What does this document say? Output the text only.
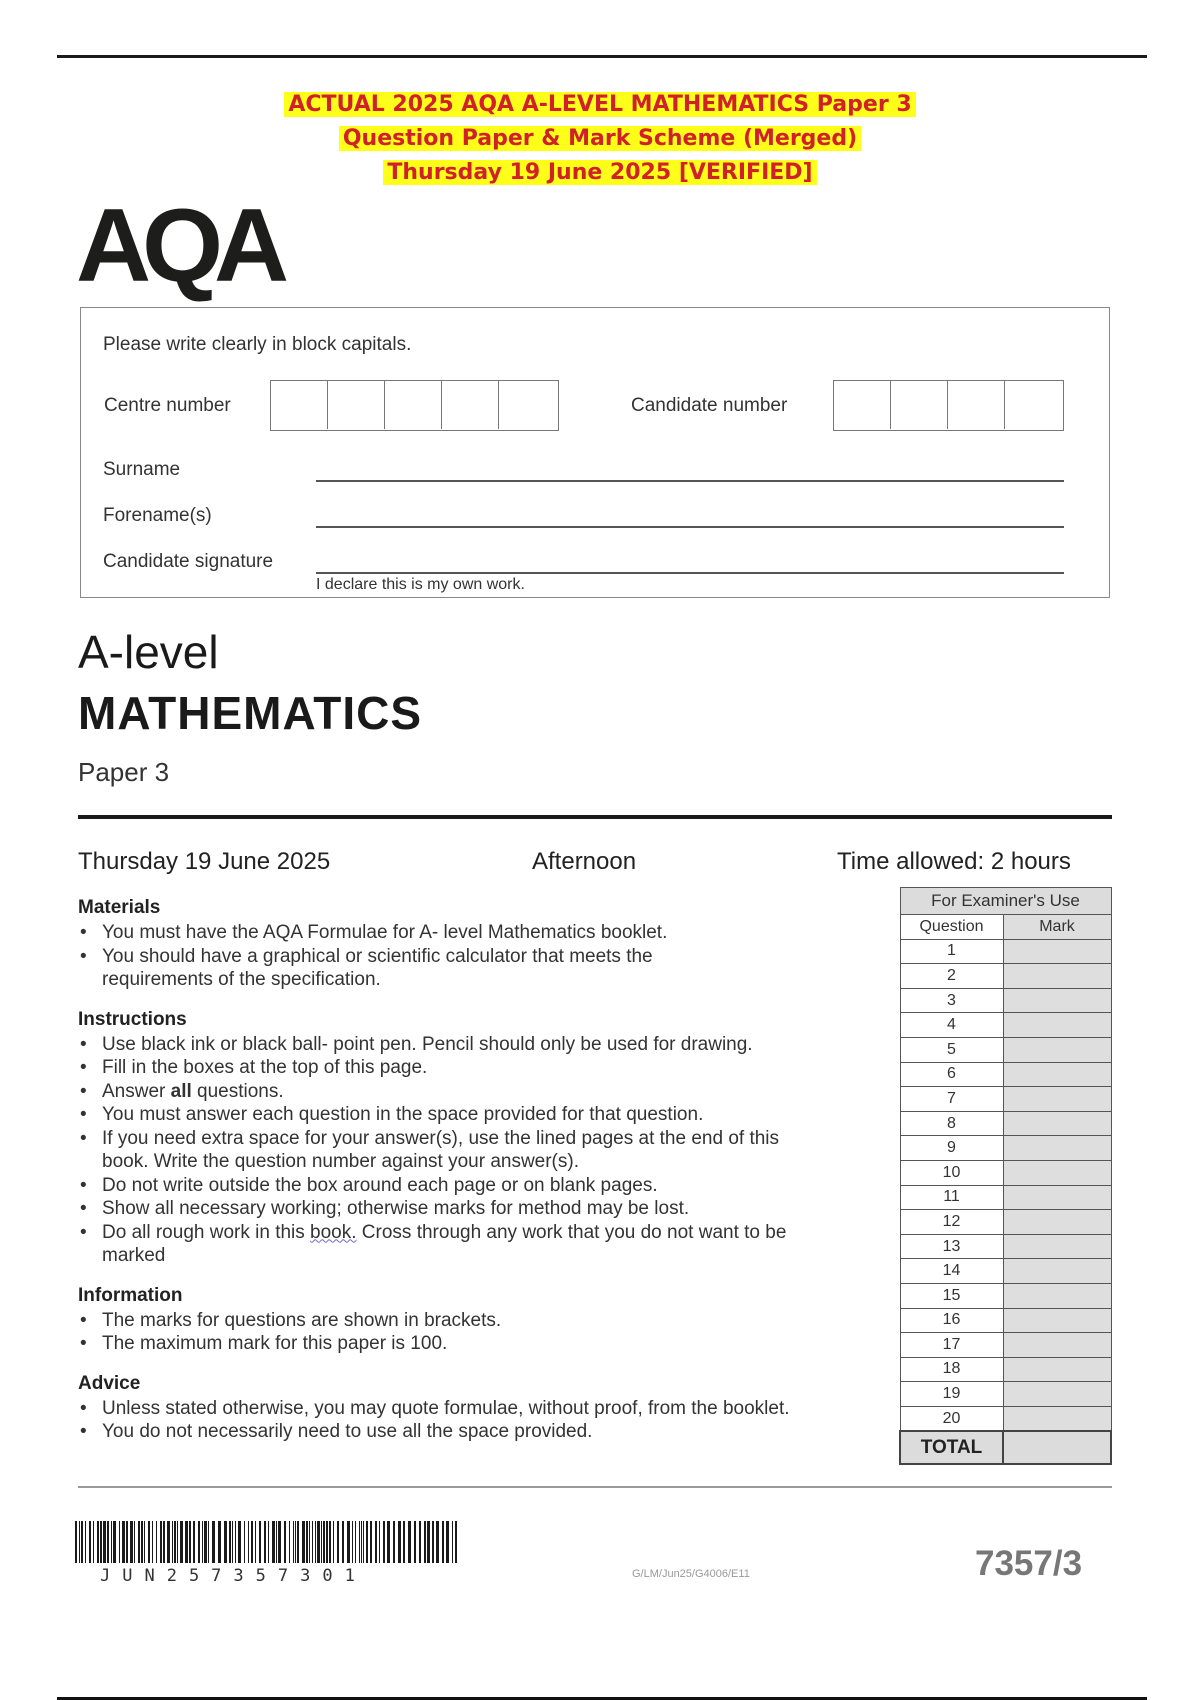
ACTUAL 2025 AQA A-LEVEL MATHEMATICS Paper 3
Question Paper & Mark Scheme (Merged)
Thursday 19 June 2025 [VERIFIED]
AQA
Please write clearly in block capitals.
Centre number	Candidate number
Surname
Forename(s)
Candidate signature
I declare this is my own work.
A-level
MATHEMATICS
Paper 3
Thursday 19 June 2025	Afternoon	Time allowed: 2 hours

Materials

• You must have the AQA Formulae for A- level Mathematics booklet.
• You should have a graphical or scientific calculator that meets the requirements of the specification.

Instructions

• Use black ink or black ball- point pen. Pencil should only be used for drawing.
• Fill in the boxes at the top of this page.
• Answer all questions.
• You must answer each question in the space provided for that question.
• If you need extra space for your answer(s), use the lined pages at the end of this book. Write the question number against your answer(s).
• Do not write outside the box around each page or on blank pages.
• Show all necessary working; otherwise marks for method may be lost.
• Do all rough work in this book. Cross through any work that you do not want to be marked

Information

• The marks for questions are shown in brackets.
• The maximum mark for this paper is 100.

Advice

• Unless stated otherwise, you may quote formulae, without proof, from the booklet.
• You do not necessarily need to use all the space provided.
For Examiner's Use	
Question	Mark
1	
2	
3	
4	
5	
6	
7	
8	
9	
10	
11	
12	
13	
14	
15	
16	
17	
18	
19	
20	
TOTAL	
JUN257357301	G/LM/Jun25/G4006/E11	7357/3
